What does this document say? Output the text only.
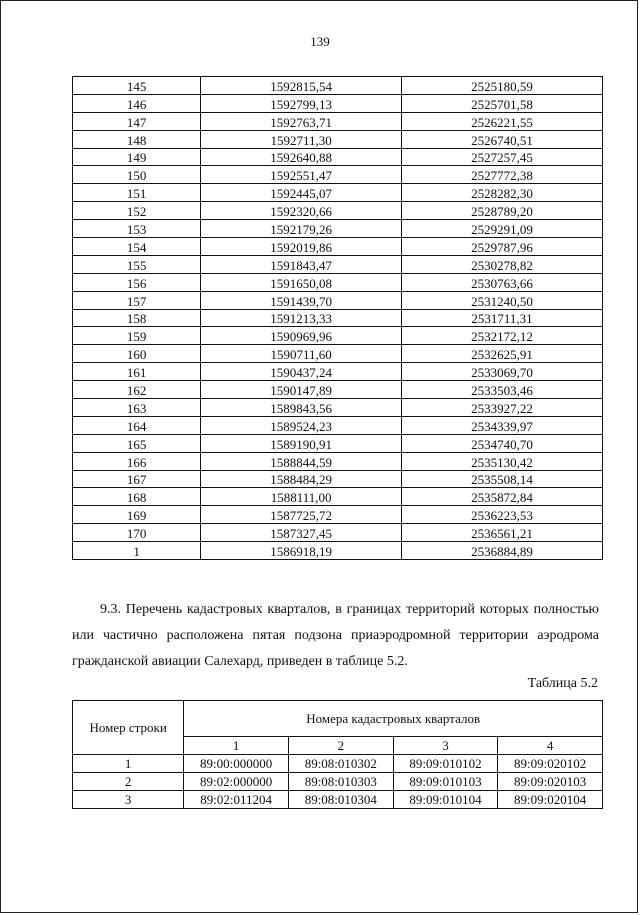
139
145	1592815,54	2525180,59
146	1592799,13	2525701,58
147	1592763,71	2526221,55
148	1592711,30	2526740,51
149	1592640,88	2527257,45
150	1592551,47	2527772,38
151	1592445,07	2528282,30
152	1592320,66	2528789,20
153	1592179,26	2529291,09
154	1592019,86	2529787,96
155	1591843,47	2530278,82
156	1591650,08	2530763,66
157	1591439,70	2531240,50
158	1591213,33	2531711,31
159	1590969,96	2532172,12
160	1590711,60	2532625,91
161	1590437,24	2533069,70
162	1590147,89	2533503,46
163	1589843,56	2533927,22
164	1589524,23	2534339,97
165	1589190,91	2534740,70
166	1588844,59	2535130,42
167	1588484,29	2535508,14
168	1588111,00	2535872,84
169	1587725,72	2536223,53
170	1587327,45	2536561,21
1	1586918,19	2536884,89
9.3. Перечень кадастровых кварталов, в границах территорий которых полностью или частично расположена пятая подзона приаэродромной территории аэродрома гражданской авиации Салехард, приведен в таблице 5.2.
Таблица 5.2
Номер строки	Номера кадастровых кварталов			
	1	2	3	4
1	89:00:000000	89:08:010302	89:09:010102	89:09:020102
2	89:02:000000	89:08:010303	89:09:010103	89:09:020103
3	89:02:011204	89:08:010304	89:09:010104	89:09:020104
